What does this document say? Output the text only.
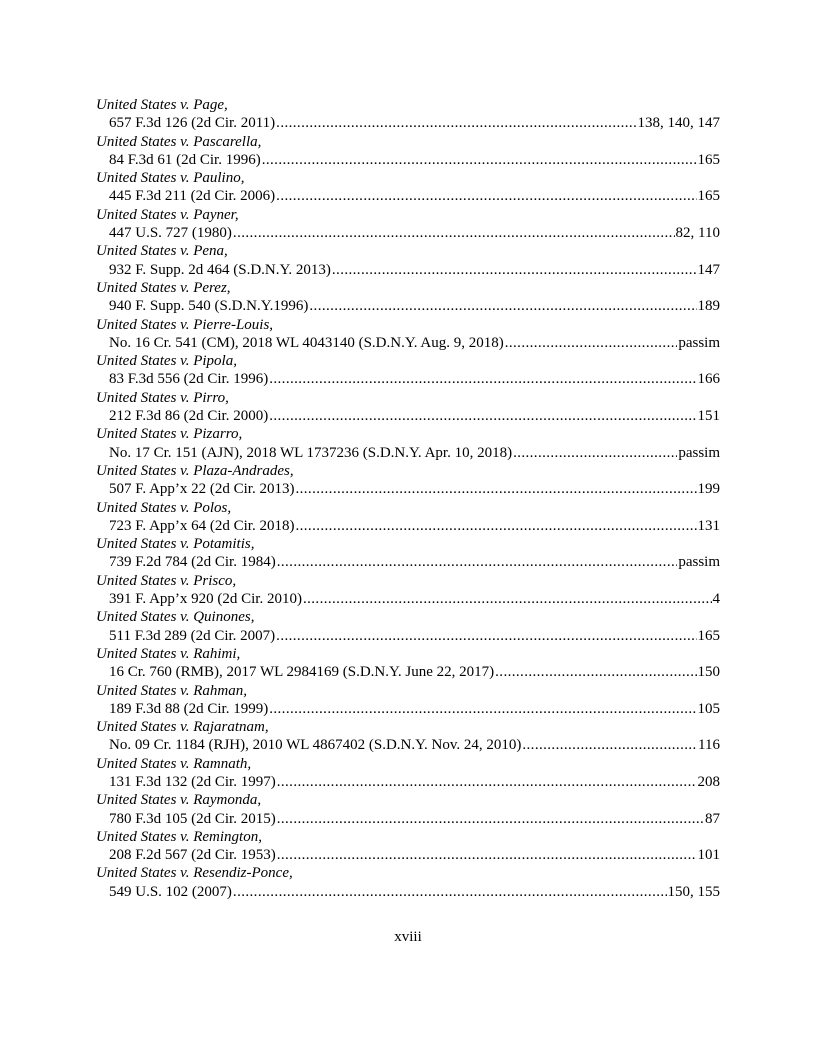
United States v. Page,
657 F.3d 126 (2d Cir. 2011) .....	138, 140, 147
United States v. Pascarella,
84 F.3d 61 (2d Cir. 1996) .....	165
United States v. Paulino,
445 F.3d 211 (2d Cir. 2006) .....	165
United States v. Payner,
447 U.S. 727 (1980) .....	82, 110
United States v. Pena,
932 F. Supp. 2d 464 (S.D.N.Y. 2013) .....	147
United States v. Perez,
940 F. Supp. 540 (S.D.N.Y.1996) .....	189
United States v. Pierre-Louis,
No. 16 Cr. 541 (CM), 2018 WL 4043140 (S.D.N.Y. Aug. 9, 2018) .....	passim
United States v. Pipola,
83 F.3d 556 (2d Cir. 1996) .....	166
United States v. Pirro,
212 F.3d 86 (2d Cir. 2000) .....	151
United States v. Pizarro,
No. 17 Cr. 151 (AJN), 2018 WL 1737236 (S.D.N.Y. Apr. 10, 2018) .....	passim
United States v. Plaza-Andrades,
507 F. App’x 22 (2d Cir. 2013) .....	199
United States v. Polos,
723 F. App’x 64 (2d Cir. 2018) .....	131
United States v. Potamitis,
739 F.2d 784 (2d Cir. 1984) .....	passim
United States v. Prisco,
391 F. App’x 920 (2d Cir. 2010) .....	4
United States v. Quinones,
511 F.3d 289 (2d Cir. 2007) .....	165
United States v. Rahimi,
16 Cr. 760 (RMB), 2017 WL 2984169 (S.D.N.Y. June 22, 2017) .....	150
United States v. Rahman,
189 F.3d 88 (2d Cir. 1999) .....	105
United States v. Rajaratnam,
No. 09 Cr. 1184 (RJH), 2010 WL 4867402 (S.D.N.Y. Nov. 24, 2010) .....	116
United States v. Ramnath,
131 F.3d 132 (2d Cir. 1997) .....	208
United States v. Raymonda,
780 F.3d 105 (2d Cir. 2015) .....	87
United States v. Remington,
208 F.2d 567 (2d Cir. 1953) .....	101
United States v. Resendiz-Ponce,
549 U.S. 102 (2007) .....	150, 155
xviii
